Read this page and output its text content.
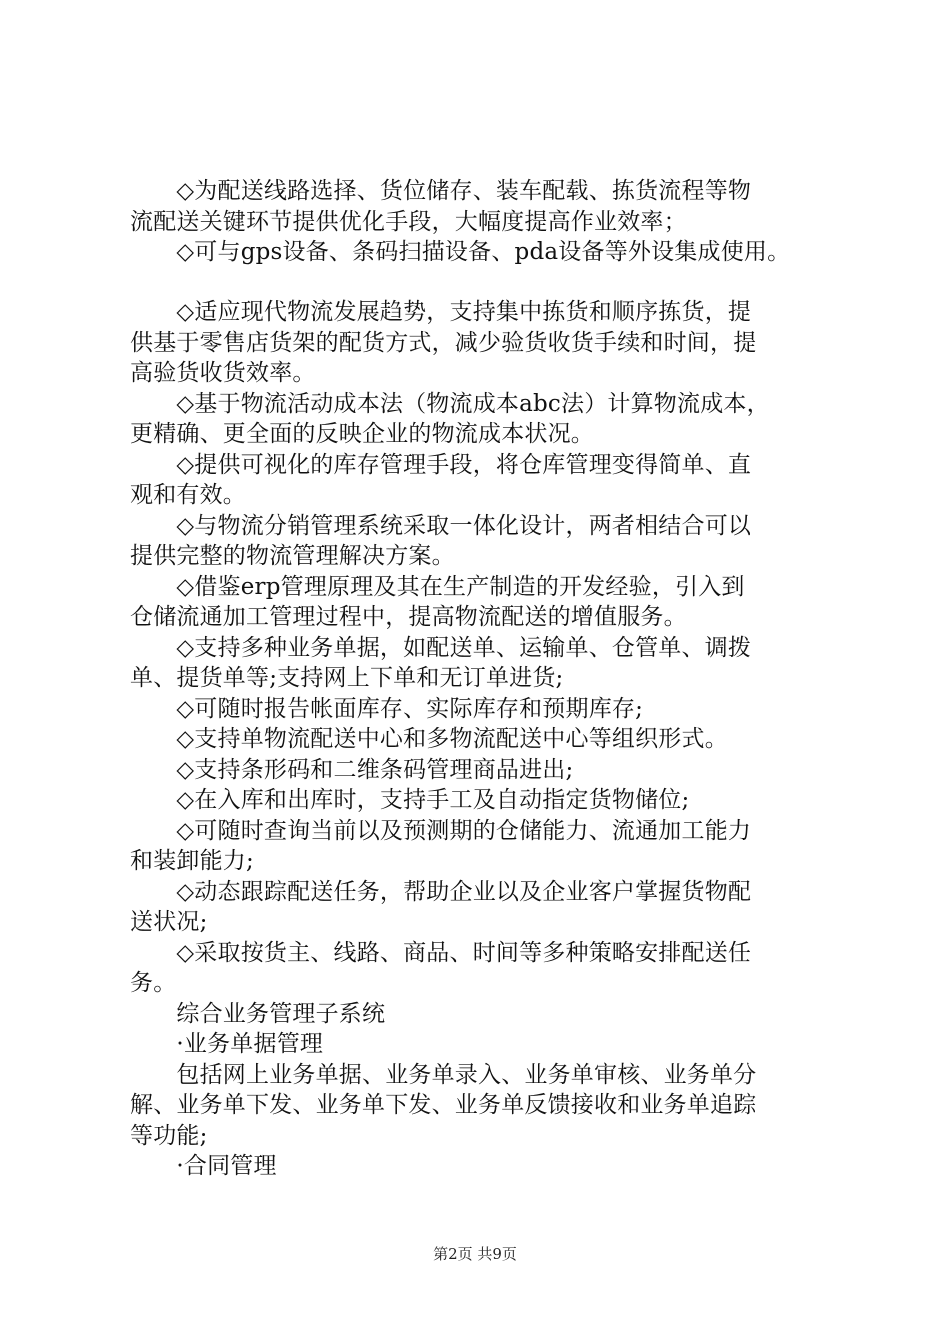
　　◇为配送线路选择、货位储存、装车配载、拣货流程等物
流配送关键环节提供优化手段，大幅度提高作业效率；
　　◇可与gps设备、条码扫描设备、pda设备等外设集成使用。
　　◇适应现代物流发展趋势，支持集中拣货和顺序拣货，提
供基于零售店货架的配货方式，减少验货收货手续和时间，提
高验货收货效率。
　　◇基于物流活动成本法（物流成本abc法）计算物流成本，
更精确、更全面的反映企业的物流成本状况。
　　◇提供可视化的库存管理手段，将仓库管理变得简单、直
观和有效。
　　◇与物流分销管理系统采取一体化设计，两者相结合可以
提供完整的物流管理解决方案。
　　◇借鉴erp管理原理及其在生产制造的开发经验，引入到
仓储流通加工管理过程中，提高物流配送的增值服务。
　　◇支持多种业务单据，如配送单、运输单、仓管单、调拨
单、提货单等;支持网上下单和无订单进货;
　　◇可随时报告帐面库存、实际库存和预期库存;
　　◇支持单物流配送中心和多物流配送中心等组织形式。
　　◇支持条形码和二维条码管理商品进出;
　　◇在入库和出库时，支持手工及自动指定货物储位;
　　◇可随时查询当前以及预测期的仓储能力、流通加工能力
和装卸能力;
　　◇动态跟踪配送任务，帮助企业以及企业客户掌握货物配
送状况;
　　◇采取按货主、线路、商品、时间等多种策略安排配送任
务。
　　综合业务管理子系统
　　·业务单据管理
　　包括网上业务单据、业务单录入、业务单审核、业务单分
解、业务单下发、业务单下发、业务单反馈接收和业务单追踪
等功能;
　　·合同管理
第2页 共9页
